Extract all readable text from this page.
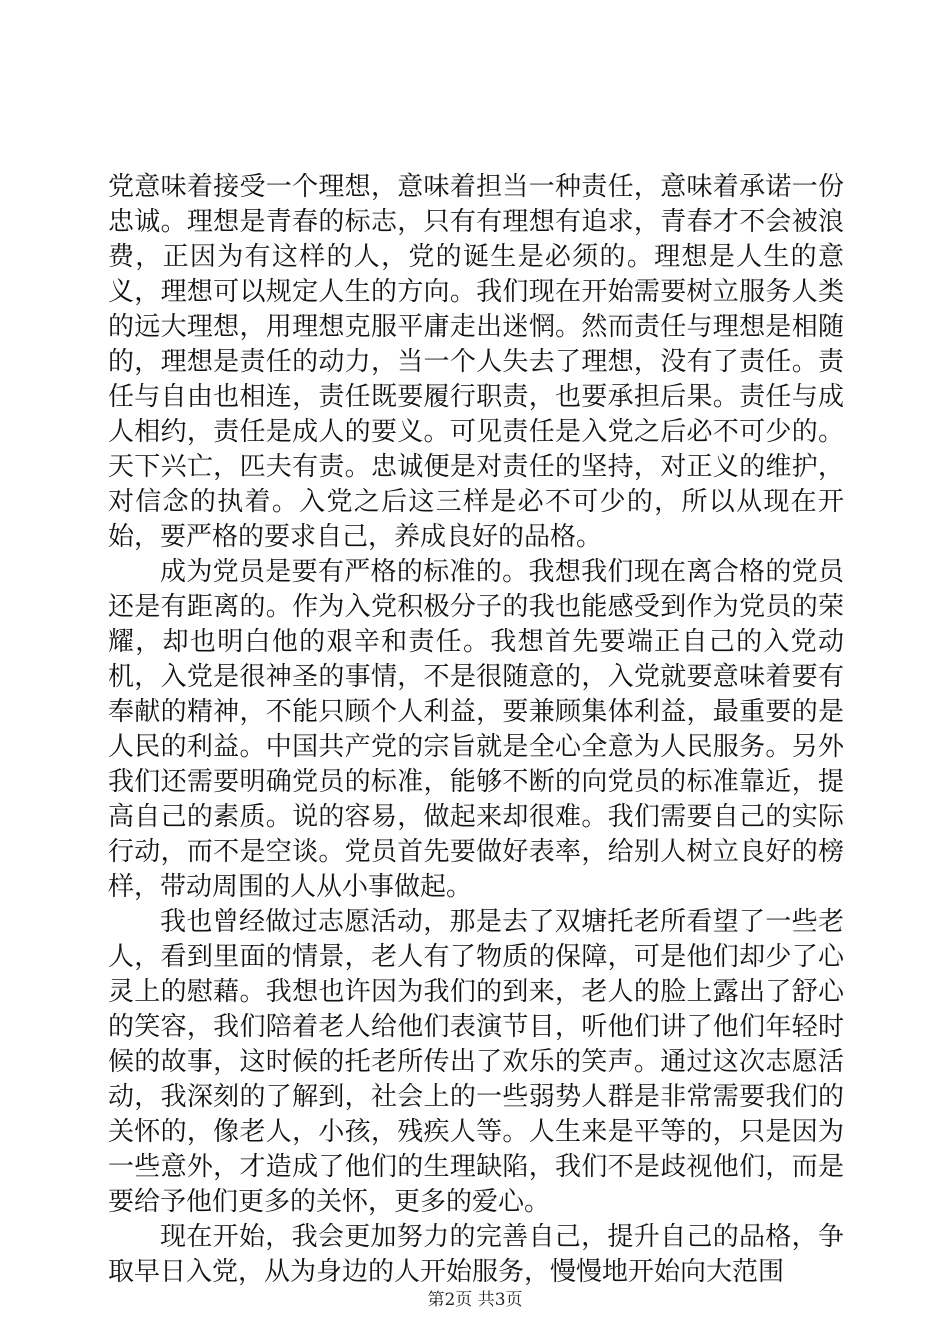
党意味着接受一个理想，意味着担当一种责任，意味着承诺一份忠诚。理想是青春的标志，只有有理想有追求，青春才不会被浪费，正因为有这样的人，党的诞生是必须的。理想是人生的意义，理想可以规定人生的方向。我们现在开始需要树立服务人类的远大理想，用理想克服平庸走出迷惘。然而责任与理想是相随的，理想是责任的动力，当一个人失去了理想，没有了责任。责任与自由也相连，责任既要履行职责，也要承担后果。责任与成人相约，责任是成人的要义。可见责任是入党之后必不可少的。天下兴亡，匹夫有责。忠诚便是对责任的坚持，对正义的维护，对信念的执着。入党之后这三样是必不可少的，所以从现在开始，要严格的要求自己，养成良好的品格。

成为党员是要有严格的标准的。我想我们现在离合格的党员还是有距离的。作为入党积极分子的我也能感受到作为党员的荣耀，却也明白他的艰辛和责任。我想首先要端正自己的入党动机，入党是很神圣的事情，不是很随意的，入党就要意味着要有奉献的精神，不能只顾个人利益，要兼顾集体利益，最重要的是人民的利益。中国共产党的宗旨就是全心全意为人民服务。另外我们还需要明确党员的标准，能够不断的向党员的标准靠近，提高自己的素质。说的容易，做起来却很难。我们需要自己的实际行动，而不是空谈。党员首先要做好表率，给别人树立良好的榜样，带动周围的人从小事做起。

我也曾经做过志愿活动，那是去了双塘托老所看望了一些老人，看到里面的情景，老人有了物质的保障，可是他们却少了心灵上的慰藉。我想也许因为我们的到来，老人的脸上露出了舒心的笑容，我们陪着老人给他们表演节目，听他们讲了他们年轻时候的故事，这时候的托老所传出了欢乐的笑声。通过这次志愿活动，我深刻的了解到，社会上的一些弱势人群是非常需要我们的关怀的，像老人，小孩，残疾人等。人生来是平等的，只是因为一些意外，才造成了他们的生理缺陷，我们不是歧视他们，而是要给予他们更多的关怀，更多的爱心。

现在开始，我会更加努力的完善自己，提升自己的品格，争取早日入党，从为身边的人开始服务，慢慢地开始向大范围

第2页 共3页
